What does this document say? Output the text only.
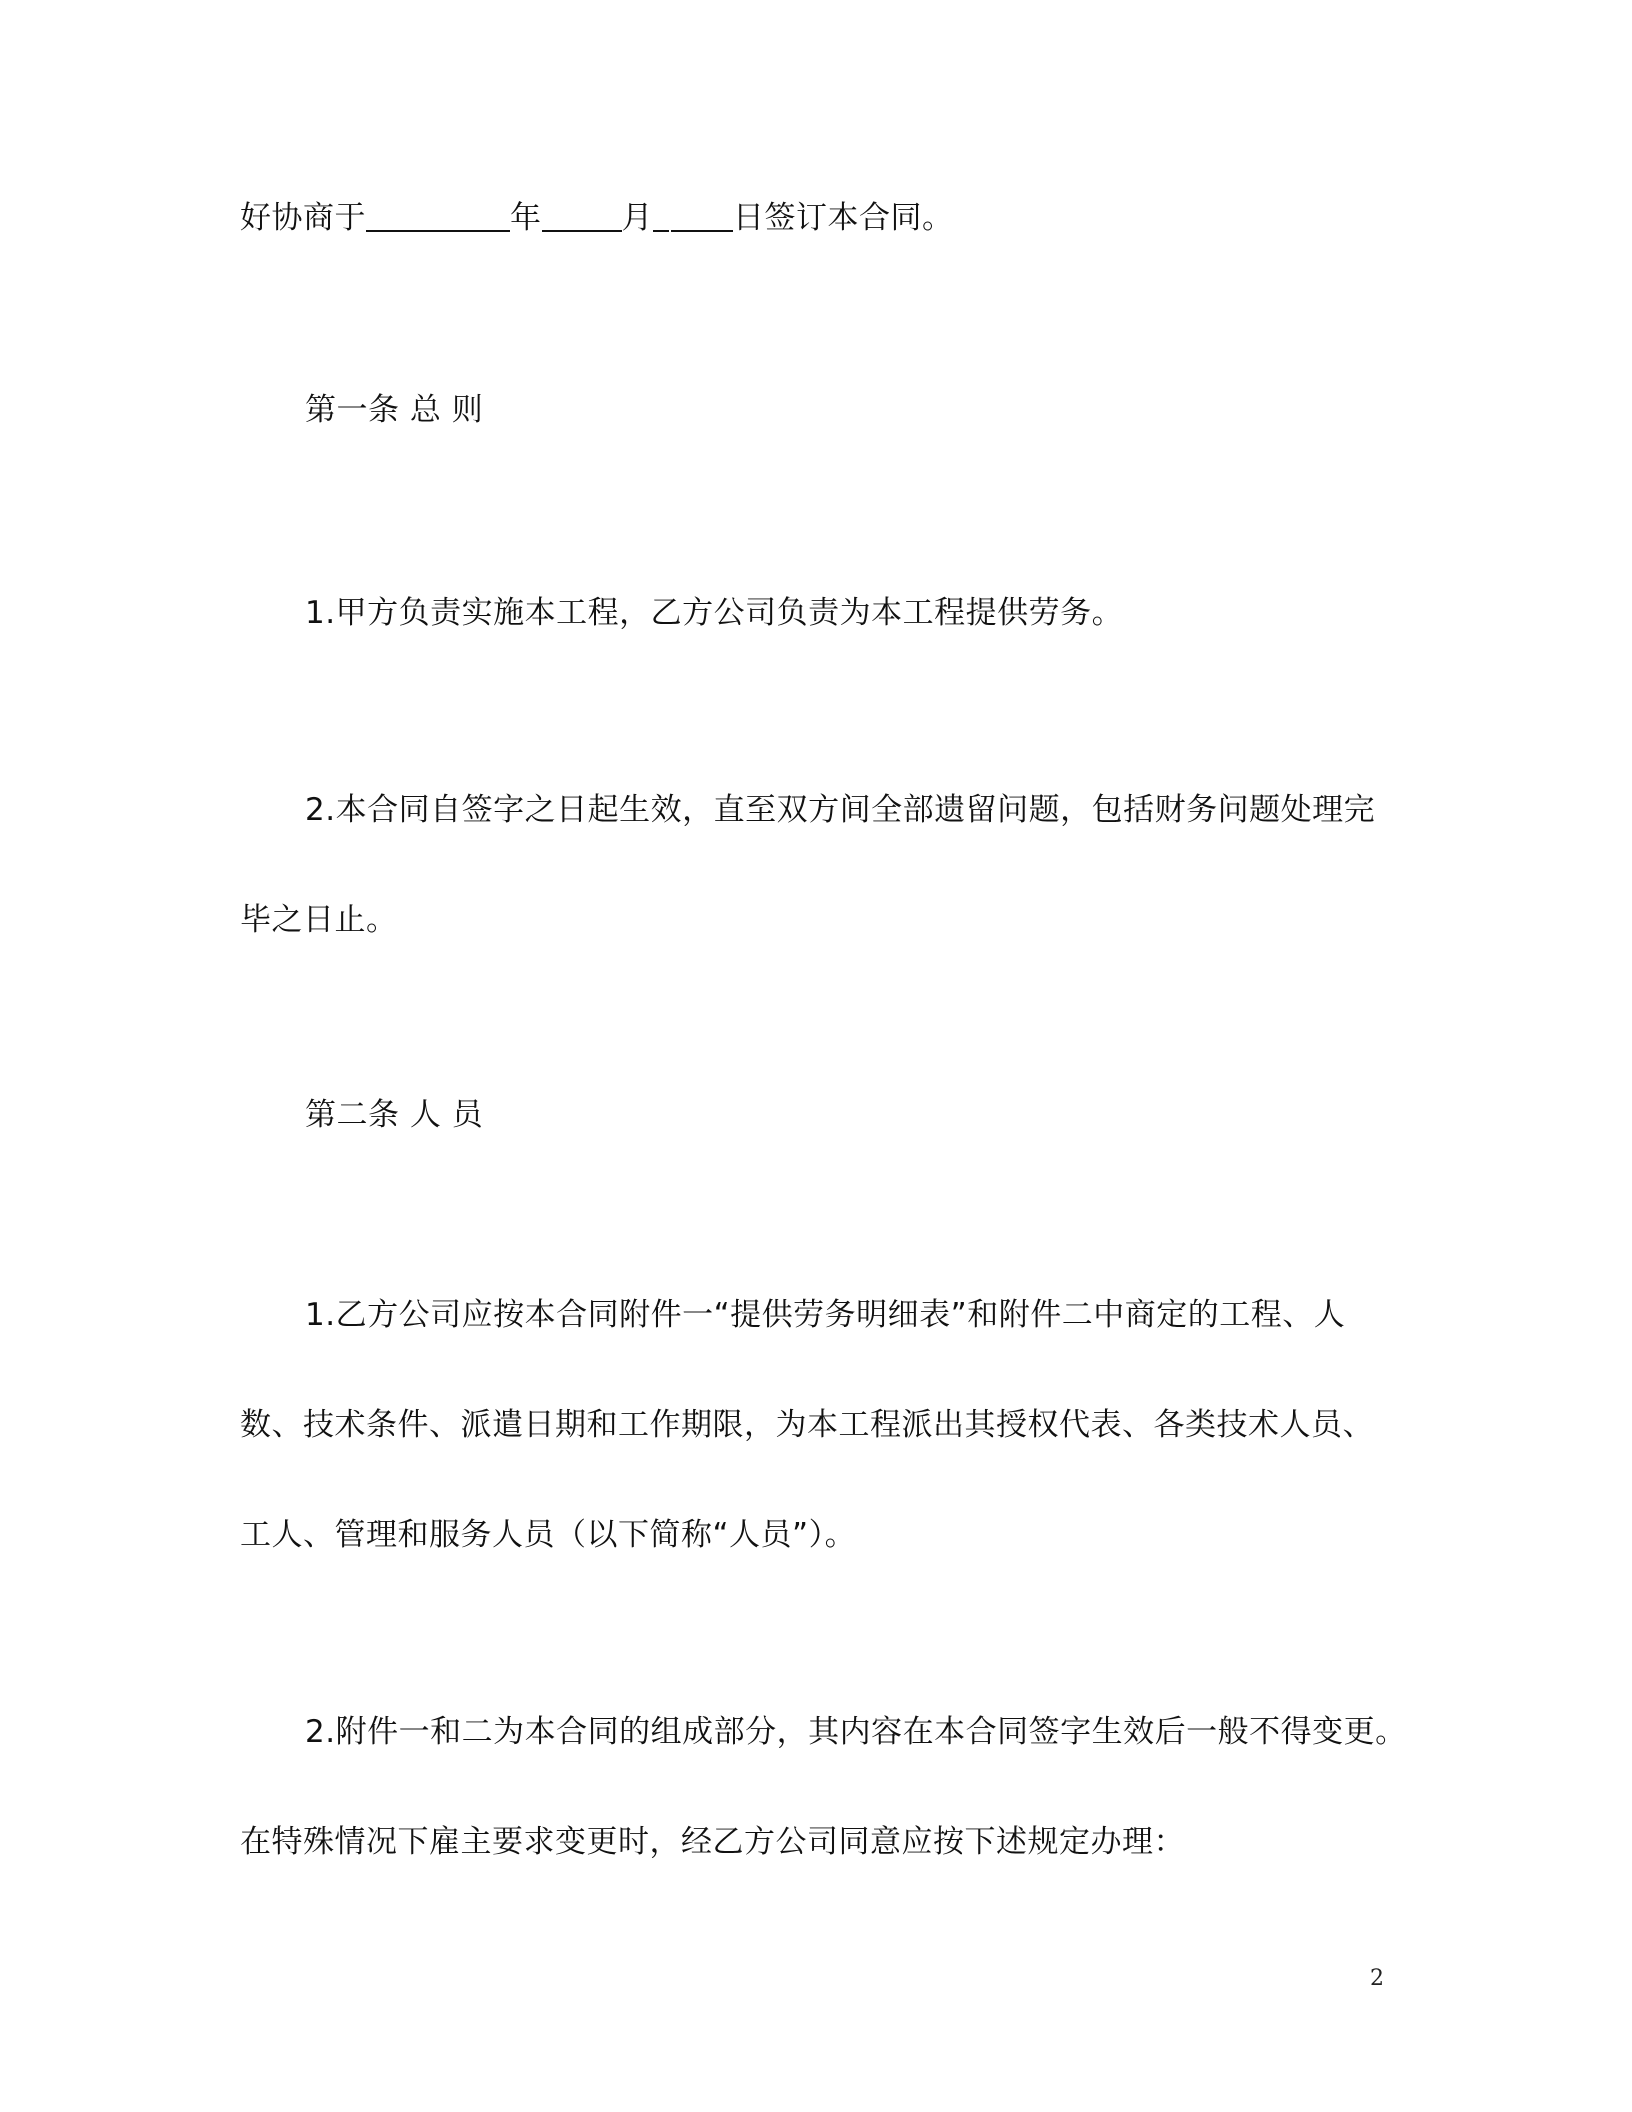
好协商于	年	月	日签订本合同。
第一条 总 则
1.甲方负责实施本工程，乙方公司负责为本工程提供劳务。
2.本合同自签字之日起生效，直至双方间全部遗留问题，包括财务问题处理完
毕之日止。
第二条 人 员
1.乙方公司应按本合同附件一“提供劳务明细表”和附件二中商定的工程、人
数、技术条件、派遣日期和工作期限，为本工程派出其授权代表、各类技术人员、
工人、管理和服务人员（以下简称“人员”）。
2.附件一和二为本合同的组成部分，其内容在本合同签字生效后一般不得变更。
在特殊情况下雇主要求变更时，经乙方公司同意应按下述规定办理：
2
